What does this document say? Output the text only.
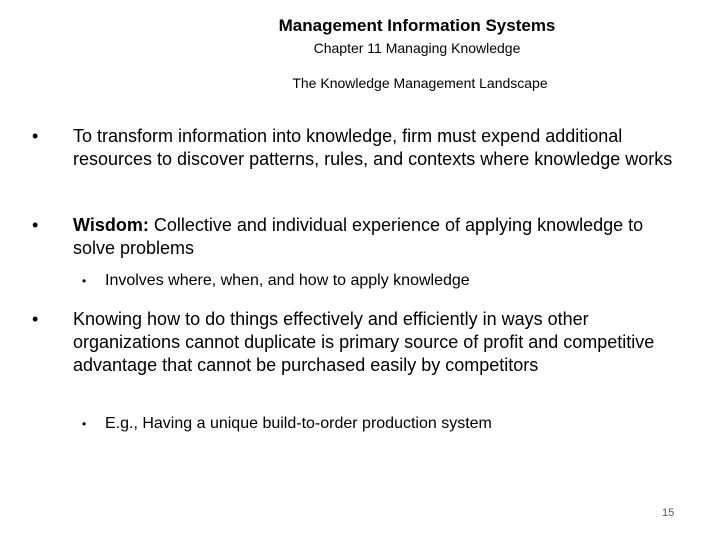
Management Information Systems
Chapter 11 Managing Knowledge
The Knowledge Management Landscape
• To transform information into knowledge, firm must expend additional resources to discover patterns, rules, and contexts where knowledge works
• Wisdom: Collective and individual experience of applying knowledge to solve problems
• Involves where, when, and how to apply knowledge
• Knowing how to do things effectively and efficiently in ways other organizations cannot duplicate is primary source of profit and competitive advantage that cannot be purchased easily by competitors
• E.g., Having a unique build-to-order production system
15
